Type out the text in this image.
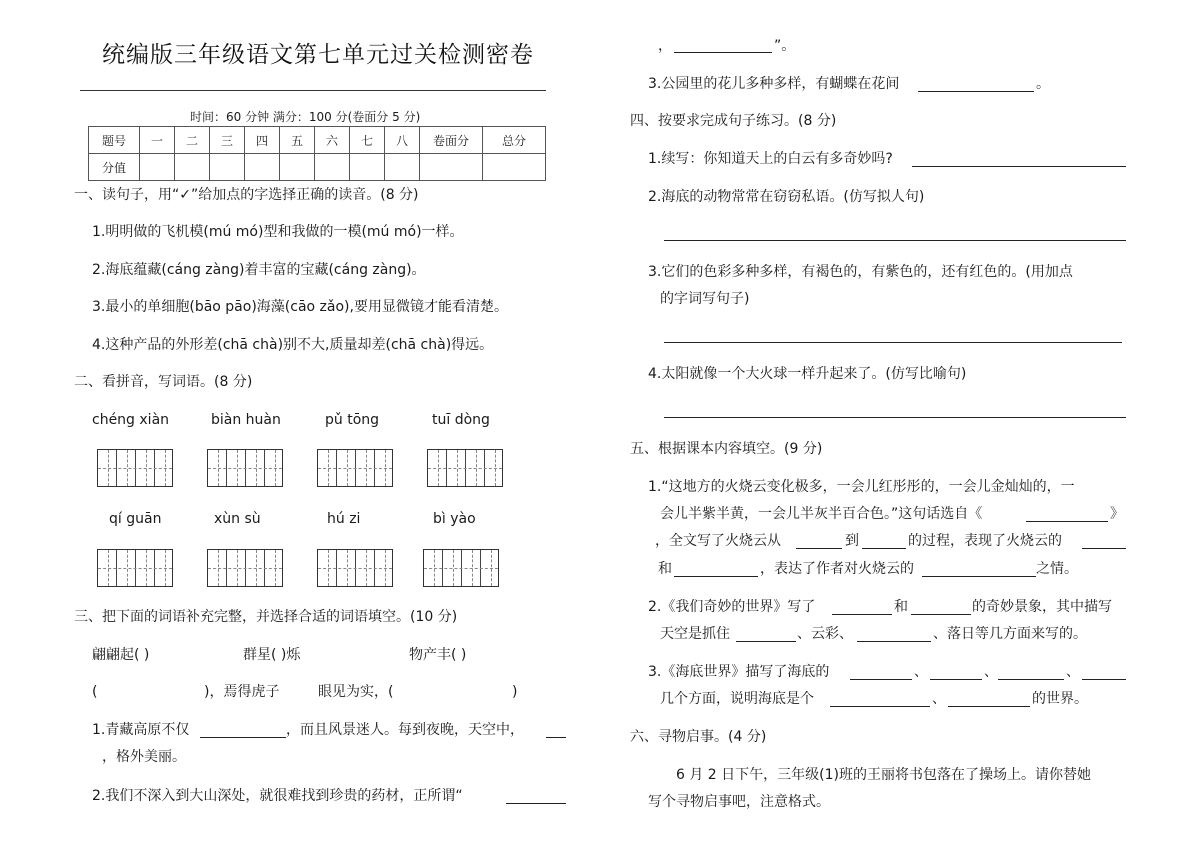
统编版三年级语文第七单元过关检测密卷
时间：60 分钟 满分：100 分(卷面分 5 分)
题号	一	二	三	四	五	六	七	八	卷面分	总分
分值										
一、读句子，用“✓”给加点的字选择正确的读音。(8 分)
1.明明做的飞机模(mú mó)型和我做的一模(mú mó)一样。
2.海底蕴藏(cáng zàng)着丰富的宝藏(cáng zàng)。
3.最小的单细胞(bāo pāo)海藻(cāo zǎo),要用显微镜才能看清楚。
4.这种产品的外形差(chā chà)别不大,质量却差(chā chà)得远。
二、看拼音，写词语。(8 分)
chéng xiàn	biàn huàn	pǔ tōng	tuī dòng
qí guān	xùn sù	hú zi	bì yào
三、把下面的词语补充完整，并选择合适的词语填空。(10 分)
翩翩起( )	群星( )烁	物产丰( )
(	)，焉得虎子	眼见为实，(	)
1.青藏高原不仅	，而且风景迷人。每到夜晚，天空中，
，格外美丽。
2.我们不深入到大山深处，就很难找到珍贵的药材，正所谓“
，	”。
3.公园里的花儿多种多样，有蝴蝶在花间	。
四、按要求完成句子练习。(8 分)
1.续写：你知道天上的白云有多奇妙吗?
2.海底的动物常常在窃窃私语。(仿写拟人句)
3.它们的色彩多种多样，有褐色的，有紫色的，还有红色的。(用加点
的字词写句子)
4.太阳就像一个大火球一样升起来了。(仿写比喻句)
五、根据课本内容填空。(9 分)
1.“这地方的火烧云变化极多，一会儿红彤彤的，一会儿金灿灿的，一
会儿半紫半黄，一会儿半灰半百合色。”这句话选自《	》
，全文写了火烧云从	到	的过程，表现了火烧云的
和	，表达了作者对火烧云的	之情。
2.《我们奇妙的世界》写了	和	的奇妙景象，其中描写
天空是抓住	、云彩、	、落日等几方面来写的。
3.《海底世界》描写了海底的	、	、	、
几个方面，说明海底是个	、	的世界。
六、寻物启事。(4 分)
6 月 2 日下午，三年级(1)班的王丽将书包落在了操场上。请你替她
写个寻物启事吧，注意格式。
